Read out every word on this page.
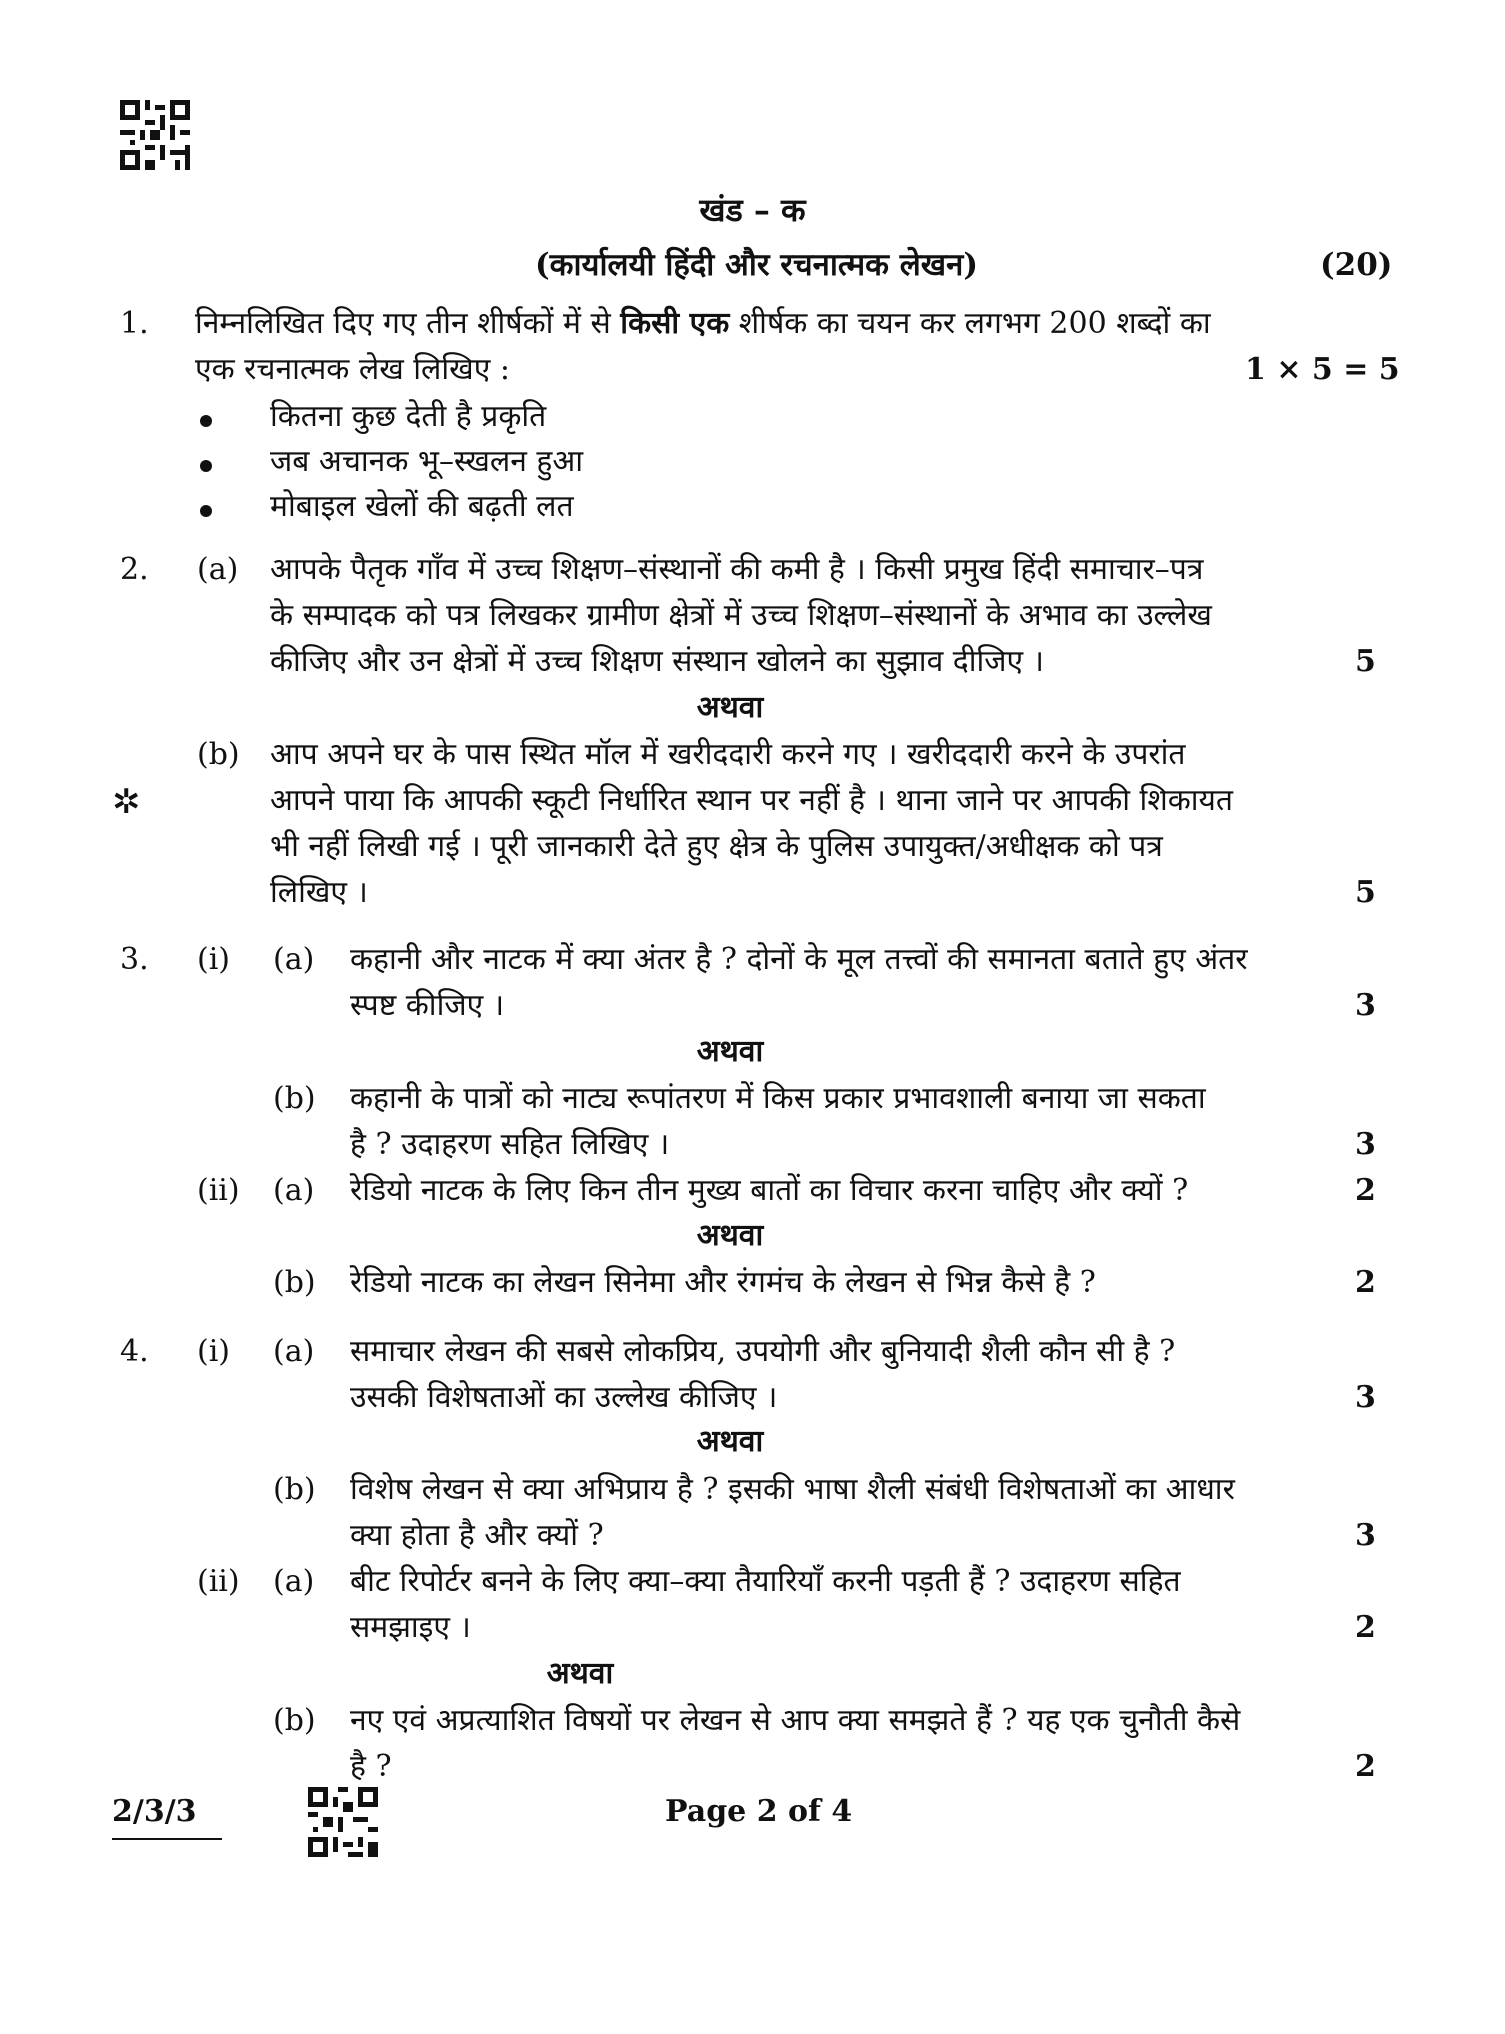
खंड – क
(कार्यालयी हिंदी और रचनात्मक लेखन)	(20)
1. निम्नलिखित दिए गए तीन शीर्षकों में से किसी एक शीर्षक का चयन कर लगभग 200 शब्दों का
एक रचनात्मक लेख लिखिए :	1 × 5 = 5
कितना कुछ देती है प्रकृति
जब अचानक भू–स्खलन हुआ
मोबाइल खेलों की बढ़ती लत
2. (a) आपके पैतृक गाँव में उच्च शिक्षण–संस्थानों की कमी है । किसी प्रमुख हिंदी समाचार–पत्र
के सम्पादक को पत्र लिखकर ग्रामीण क्षेत्रों में उच्च शिक्षण–संस्थानों के अभाव का उल्लेख
कीजिए और उन क्षेत्रों में उच्च शिक्षण संस्थान खोलने का सुझाव दीजिए ।	5
अथवा
(b)
✲
आप अपने घर के पास स्थित मॉल में खरीददारी करने गए । खरीददारी करने के उपरांत
आपने पाया कि आपकी स्कूटी निर्धारित स्थान पर नहीं है । थाना जाने पर आपकी शिकायत
भी नहीं लिखी गई । पूरी जानकारी देते हुए क्षेत्र के पुलिस उपायुक्त/अधीक्षक को पत्र
लिखिए ।	5
3. (i) (a) कहानी और नाटक में क्या अंतर है ? दोनों के मूल तत्त्वों की समानता बताते हुए अंतर
स्पष्ट कीजिए ।	3
अथवा
(b) कहानी के पात्रों को नाट्य रूपांतरण में किस प्रकार प्रभावशाली बनाया जा सकता
है ? उदाहरण सहित लिखिए ।	3
(ii) (a) रेडियो नाटक के लिए किन तीन मुख्य बातों का विचार करना चाहिए और क्यों ?	2
अथवा
(b) रेडियो नाटक का लेखन सिनेमा और रंगमंच के लेखन से भिन्न कैसे है ?	2
4. (i) (a) समाचार लेखन की सबसे लोकप्रिय, उपयोगी और बुनियादी शैली कौन सी है ?
उसकी विशेषताओं का उल्लेख कीजिए ।	3
अथवा
(b) विशेष लेखन से क्या अभिप्राय है ? इसकी भाषा शैली संबंधी विशेषताओं का आधार
क्या होता है और क्यों ?	3
(ii) (a) बीट रिपोर्टर बनने के लिए क्या–क्या तैयारियाँ करनी पड़ती हैं ? उदाहरण सहित
समझाइए ।	2
अथवा
(b) नए एवं अप्रत्याशित विषयों पर लेखन से आप क्या समझते हैं ? यह एक चुनौती कैसे
है ?	2
2/3/3	Page 2 of 4
